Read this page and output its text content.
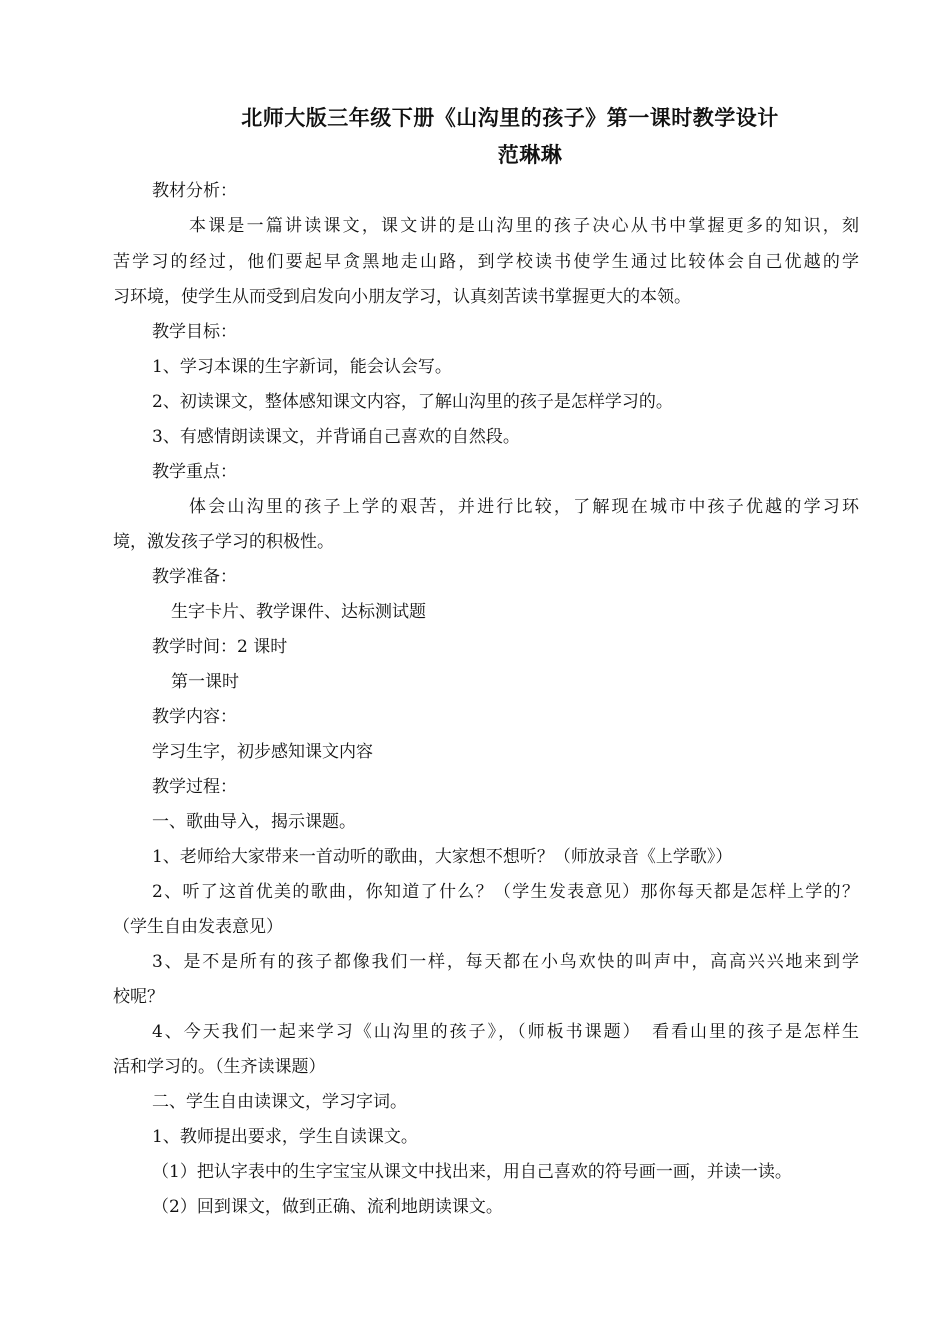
北师大版三年级下册《山沟里的孩子》第一课时教学设计
范琳琳
教材分析：
本课是一篇讲读课文，课文讲的是山沟里的孩子决心从书中掌握更多的知识，刻
苦学习的经过，他们要起早贪黑地走山路，到学校读书使学生通过比较体会自己优越的学
习环境，使学生从而受到启发向小朋友学习，认真刻苦读书掌握更大的本领。
教学目标：
1、学习本课的生字新词，能会认会写。
2、初读课文，整体感知课文内容，了解山沟里的孩子是怎样学习的。
3、有感情朗读课文，并背诵自己喜欢的自然段。
教学重点：
体会山沟里的孩子上学的艰苦，并进行比较，了解现在城市中孩子优越的学习环
境，激发孩子学习的积极性。
教学准备：
生字卡片、教学课件、达标测试题
教学时间：2 课时
第一课时
教学内容：
学习生字，初步感知课文内容
教学过程：
一、歌曲导入，揭示课题。
1、老师给大家带来一首动听的歌曲，大家想不想听？（师放录音《上学歌》）
2、听了这首优美的歌曲，你知道了什么？（学生发表意见）那你每天都是怎样上学的？
（学生自由发表意见）
3、是不是所有的孩子都像我们一样，每天都在小鸟欢快的叫声中，高高兴兴地来到学
校呢？
4、今天我们一起来学习《山沟里的孩子》，（师板书课题）　看看山里的孩子是怎样生
活和学习的。（生齐读课题）
二、学生自由读课文，学习字词。
1、教师提出要求，学生自读课文。
（1）把认字表中的生字宝宝从课文中找出来，用自己喜欢的符号画一画，并读一读。
（2）回到课文，做到正确、流利地朗读课文。
